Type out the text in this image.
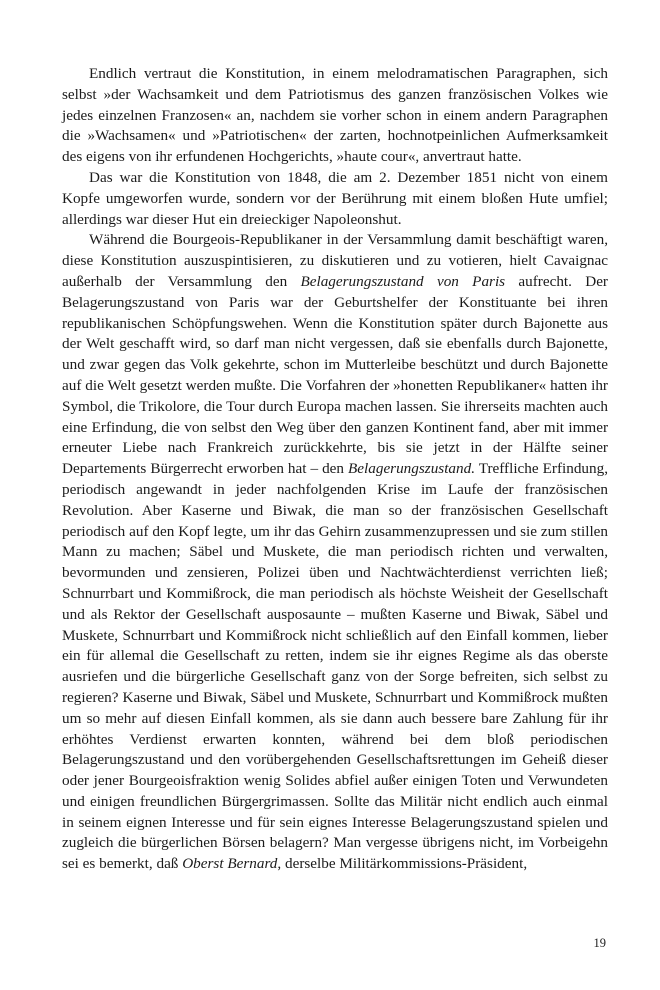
Endlich vertraut die Konstitution, in einem melodramatischen Paragraphen, sich selbst »der Wachsamkeit und dem Patriotismus des ganzen französischen Volkes wie jedes einzelnen Franzosen« an, nachdem sie vorher schon in einem andern Paragraphen die »Wachsamen« und »Patriotischen« der zarten, hochnotpeinlichen Aufmerksamkeit des eigens von ihr erfundenen Hochgerichts, »haute cour«, anvertraut hatte.

Das war die Konstitution von 1848, die am 2. Dezember 1851 nicht von einem Kopfe umgeworfen wurde, sondern vor der Berührung mit einem bloßen Hute umfiel; allerdings war dieser Hut ein dreieckiger Napoleonshut.

Während die Bourgeois-Republikaner in der Versammlung damit beschäftigt waren, diese Konstitution auszuspintisieren, zu diskutieren und zu votieren, hielt Cavaignac außerhalb der Versammlung den Belagerungszustand von Paris aufrecht. Der Belagerungszustand von Paris war der Geburtshelfer der Konstituante bei ihren republikanischen Schöpfungswehen. Wenn die Konstitution später durch Bajonette aus der Welt geschafft wird, so darf man nicht vergessen, daß sie ebenfalls durch Bajonette, und zwar gegen das Volk gekehrte, schon im Mutterleibe beschützt und durch Bajonette auf die Welt gesetzt werden mußte. Die Vorfahren der »honetten Republikaner« hatten ihr Symbol, die Trikolore, die Tour durch Europa machen lassen. Sie ihrerseits machten auch eine Erfindung, die von selbst den Weg über den ganzen Kontinent fand, aber mit immer erneuter Liebe nach Frankreich zurückkehrte, bis sie jetzt in der Hälfte seiner Departements Bürgerrecht erworben hat – den Belagerungszustand. Treffliche Erfindung, periodisch angewandt in jeder nachfolgenden Krise im Laufe der französischen Revolution. Aber Kaserne und Biwak, die man so der französischen Gesellschaft periodisch auf den Kopf legte, um ihr das Gehirn zusammenzupressen und sie zum stillen Mann zu machen; Säbel und Muskete, die man periodisch richten und verwalten, bevormunden und zensieren, Polizei üben und Nachtwächterdienst verrichten ließ; Schnurrbart und Kommißrock, die man periodisch als höchste Weisheit der Gesellschaft und als Rektor der Gesellschaft ausposaunte – mußten Kaserne und Biwak, Säbel und Muskete, Schnurrbart und Kommißrock nicht schließlich auf den Einfall kommen, lieber ein für allemal die Gesellschaft zu retten, indem sie ihr eignes Regime als das oberste ausriefen und die bürgerliche Gesellschaft ganz von der Sorge befreiten, sich selbst zu regieren? Kaserne und Biwak, Säbel und Muskete, Schnurrbart und Kommißrock mußten um so mehr auf diesen Einfall kommen, als sie dann auch bessere bare Zahlung für ihr erhöhtes Verdienst erwarten konnten, während bei dem bloß periodischen Belagerungszustand und den vorübergehenden Gesellschaftsrettungen im Geheiß dieser oder jener Bourgeoisfraktion wenig Solides abfiel außer einigen Toten und Verwundeten und einigen freundlichen Bürgergrimassen. Sollte das Militär nicht endlich auch einmal in seinem eignen Interesse und für sein eignes Interesse Belagerungszustand spielen und zugleich die bürgerlichen Börsen belagern? Man vergesse übrigens nicht, im Vorbeigehn sei es bemerkt, daß Oberst Bernard, derselbe Militärkommissions-Präsident,

19
